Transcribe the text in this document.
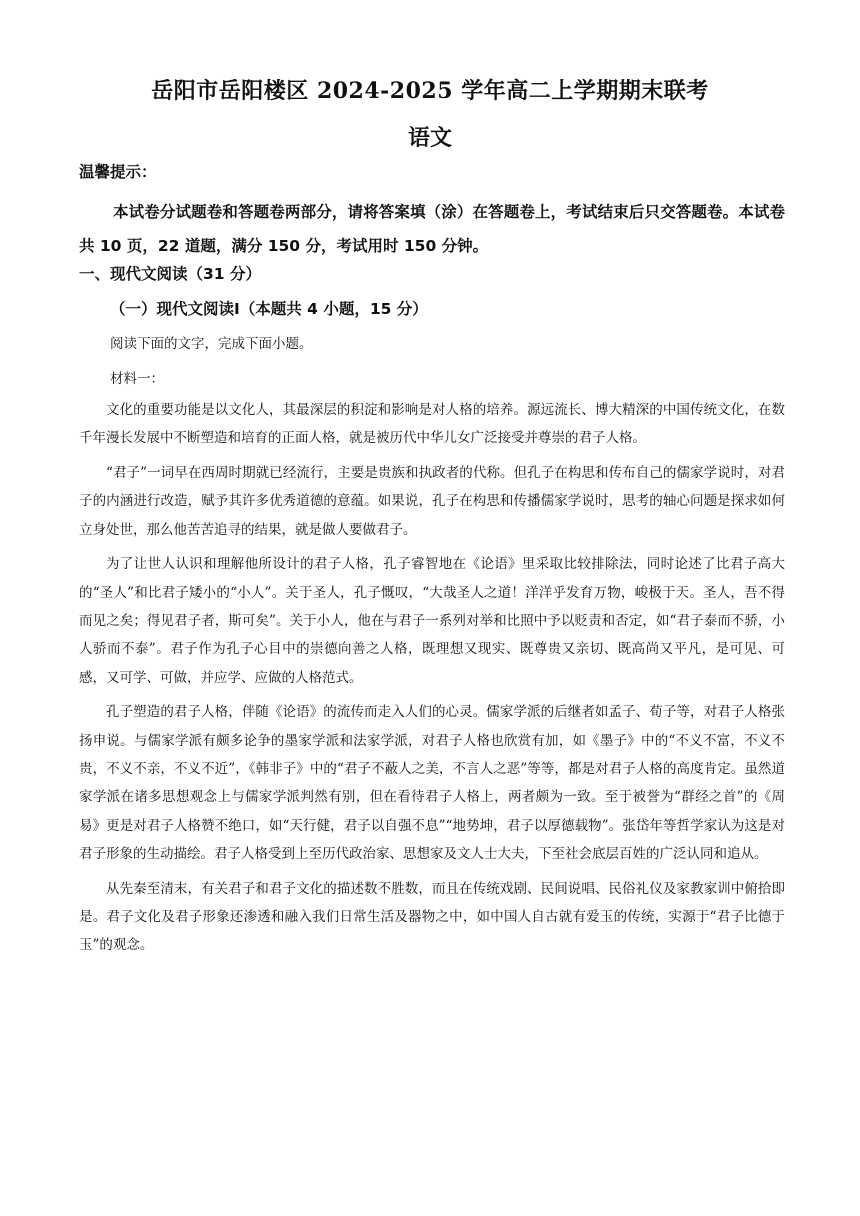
岳阳市岳阳楼区 2024-2025 学年高二上学期期末联考
语文
温馨提示：

本试卷分试题卷和答题卷两部分，请将答案填（涂）在答题卷上，考试结束后只交答题卷。本试卷共 10 页，22 道题，满分 150 分，考试用时 150 分钟。

一、现代文阅读（31 分）
（一）现代文阅读Ⅰ（本题共 4 小题，15 分）
阅读下面的文字，完成下面小题。
材料一：

文化的重要功能是以文化人，其最深层的积淀和影响是对人格的培养。源远流长、博大精深的中国传统文化，在数千年漫长发展中不断塑造和培育的正面人格，就是被历代中华儿女广泛接受并尊崇的君子人格。

“君子”一词早在西周时期就已经流行，主要是贵族和执政者的代称。但孔子在构思和传布自己的儒家学说时，对君子的内涵进行改造，赋予其许多优秀道德的意蕴。如果说，孔子在构思和传播儒家学说时，思考的轴心问题是探求如何立身处世，那么他苦苦追寻的结果，就是做人要做君子。

为了让世人认识和理解他所设计的君子人格，孔子睿智地在《论语》里采取比较排除法，同时论述了比君子高大的“圣人”和比君子矮小的“小人”。关于圣人，孔子慨叹，“大哉圣人之道！洋洋乎发育万物，峻极于天。圣人，吾不得而见之矣；得见君子者，斯可矣”。关于小人，他在与君子一系列对举和比照中予以贬责和否定，如“君子泰而不骄，小人骄而不泰”。君子作为孔子心目中的崇德向善之人格，既理想又现实、既尊贵又亲切、既高尚又平凡，是可见、可感，又可学、可做，并应学、应做的人格范式。

孔子塑造的君子人格，伴随《论语》的流传而走入人们的心灵。儒家学派的后继者如孟子、荀子等，对君子人格张扬申说。与儒家学派有颇多论争的墨家学派和法家学派，对君子人格也欣赏有加，如《墨子》中的“不义不富，不义不贵，不义不亲，不义不近”，《韩非子》中的“君子不蔽人之美，不言人之恶”等等，都是对君子人格的高度肯定。虽然道家学派在诸多思想观念上与儒家学派判然有别，但在看待君子人格上，两者颇为一致。至于被誉为“群经之首”的《周易》更是对君子人格赞不绝口，如“天行健，君子以自强不息”“地势坤，君子以厚德载物”。张岱年等哲学家认为这是对君子形象的生动描绘。君子人格受到上至历代政治家、思想家及文人士大夫，下至社会底层百姓的广泛认同和追从。

从先秦至清末，有关君子和君子文化的描述数不胜数，而且在传统戏剧、民间说唱、民俗礼仪及家教家训中俯拾即是。君子文化及君子形象还渗透和融入我们日常生活及器物之中，如中国人自古就有爱玉的传统，实源于“君子比德于玉”的观念。
